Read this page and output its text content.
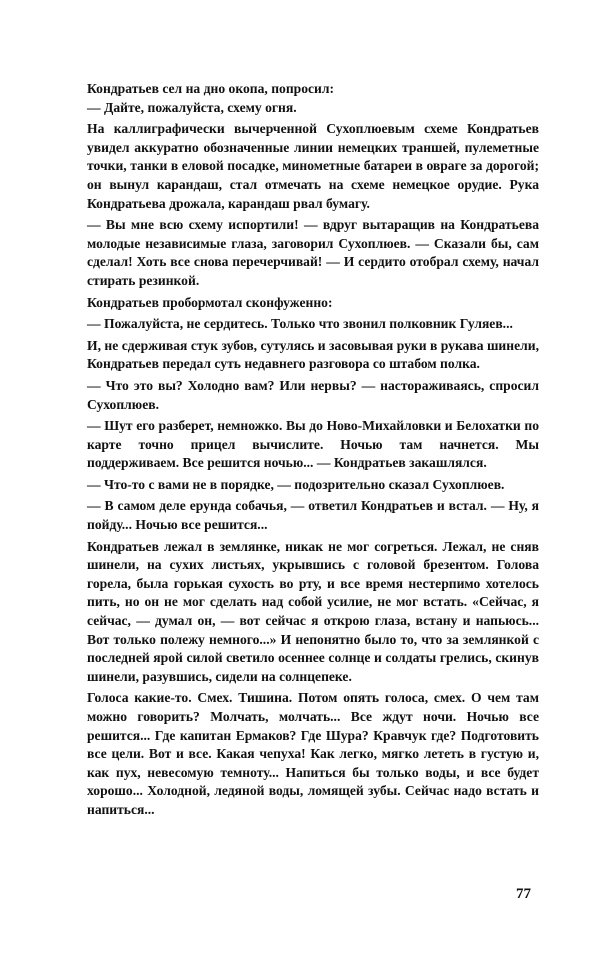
Кондратьев сел на дно окопа, попросил:

— Дайте, пожалуйста, схему огня.

На каллиграфически вычерченной Сухоплюевым схеме Кондратьев увидел аккуратно обозначенные линии немецких траншей, пулеметные точки, танки в еловой посадке, минометные батареи в овраге за дорогой; он вынул карандаш, стал отмечать на схеме немецкое орудие. Рука Кондратьева дрожала, карандаш рвал бумагу.

— Вы мне всю схему испортили! — вдруг вытаращив на Кондратьева молодые независимые глаза, заговорил Сухоплюев. — Сказали бы, сам сделал! Хоть все снова перечерчивай! — И сердито отобрал схему, начал стирать резинкой.

Кондратьев пробормотал сконфуженно:

— Пожалуйста, не сердитесь. Только что звонил полковник Гуляев...

И, не сдерживая стук зубов, сутулясь и засовывая руки в рукава шинели, Кондратьев передал суть недавнего разговора со штабом полка.

— Что это вы? Холодно вам? Или нервы? — настораживаясь, спросил Сухоплюев.

— Шут его разберет, немножко. Вы до Ново-Михайловки и Белохатки по карте точно прицел вычислите. Ночью там начнется. Мы поддерживаем. Все решится ночью... — Кондратьев закашлялся.

— Что-то с вами не в порядке, — подозрительно сказал Сухоплюев.

— В самом деле ерунда собачья, — ответил Кондратьев и встал. — Ну, я пойду... Ночью все решится...

Кондратьев лежал в землянке, никак не мог согреться. Лежал, не сняв шинели, на сухих листьях, укрывшись с головой брезентом. Голова горела, была горькая сухость во рту, и все время нестерпимо хотелось пить, но он не мог сделать над собой усилие, не мог встать. «Сейчас, я сейчас, — думал он, — вот сейчас я открою глаза, встану и напьюсь... Вот только полежу немного...» И непонятно было то, что за землянкой с последней ярой силой светило осеннее солнце и солдаты грелись, скинув шинели, разувшись, сидели на солнцепеке.

Голоса какие-то. Смех. Тишина. Потом опять голоса, смех. О чем там можно говорить? Молчать, молчать... Все ждут ночи. Ночью все решится... Где капитан Ермаков? Где Шура? Кравчук где? Подготовить все цели. Вот и все. Какая чепуха! Как легко, мягко лететь в густую и, как пух, невесомую темноту... Напиться бы только воды, и все будет хорошо... Холодной, ледяной воды, ломящей зубы. Сейчас надо встать и напиться...

77
